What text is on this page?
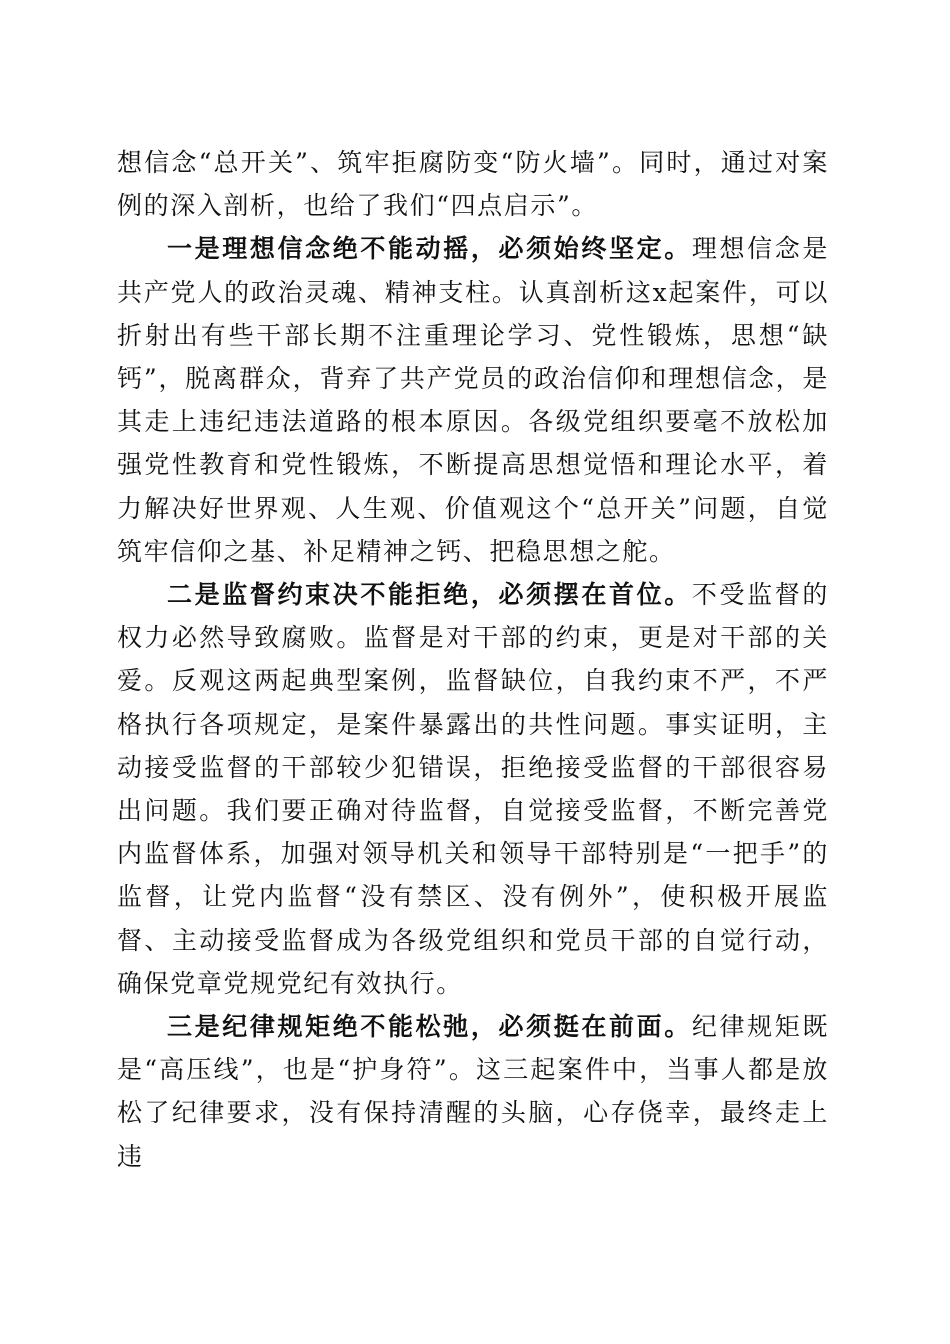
想信念“总开关”、筑牢拒腐防变“防火墙”。同时，通过对案例的深入剖析，也给了我们“四点启示”。

一是理想信念绝不能动摇，必须始终坚定。理想信念是共产党人的政治灵魂、精神支柱。认真剖析这x起案件，可以折射出有些干部长期不注重理论学习、党性锻炼，思想“缺钙”，脱离群众，背弃了共产党员的政治信仰和理想信念，是其走上违纪违法道路的根本原因。各级党组织要毫不放松加强党性教育和党性锻炼，不断提高思想觉悟和理论水平，着力解决好世界观、人生观、价值观这个“总开关”问题，自觉筑牢信仰之基、补足精神之钙、把稳思想之舵。

二是监督约束决不能拒绝，必须摆在首位。不受监督的权力必然导致腐败。监督是对干部的约束，更是对干部的关爱。反观这两起典型案例，监督缺位，自我约束不严，不严格执行各项规定，是案件暴露出的共性问题。事实证明，主动接受监督的干部较少犯错误，拒绝接受监督的干部很容易出问题。我们要正确对待监督，自觉接受监督，不断完善党内监督体系，加强对领导机关和领导干部特别是“一把手”的监督，让党内监督“没有禁区、没有例外”，使积极开展监督、主动接受监督成为各级党组织和党员干部的自觉行动，确保党章党规党纪有效执行。

三是纪律规矩绝不能松弛，必须挺在前面。纪律规矩既是“高压线”，也是“护身符”。这三起案件中，当事人都是放松了纪律要求，没有保持清醒的头脑，心存侥幸，最终走上违
